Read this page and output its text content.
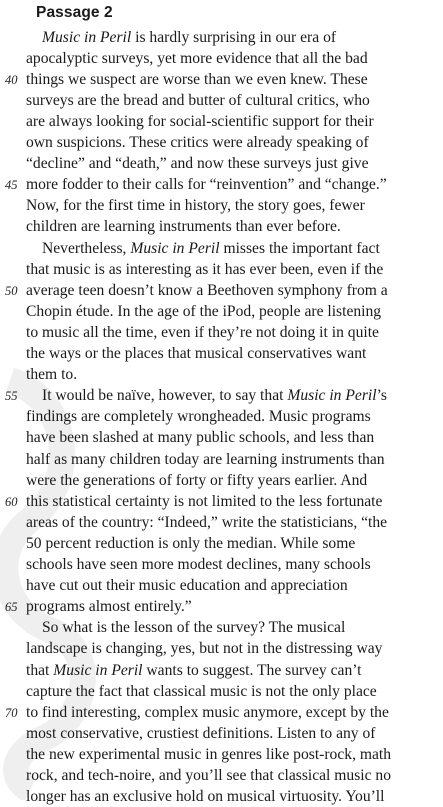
Passage 2
Music in Peril is hardly surprising in our era of
apocalyptic surveys, yet more evidence that all the bad
40 things we suspect are worse than we even knew. These
surveys are the bread and butter of cultural critics, who
are always looking for social-scientific support for their
own suspicions. These critics were already speaking of
“decline” and “death,” and now these surveys just give
45 more fodder to their calls for “reinvention” and “change.”
Now, for the first time in history, the story goes, fewer
children are learning instruments than ever before.
Nevertheless, Music in Peril misses the important fact
that music is as interesting as it has ever been, even if the
50 average teen doesn’t know a Beethoven symphony from a
Chopin étude. In the age of the iPod, people are listening
to music all the time, even if they’re not doing it in quite
the ways or the places that musical conservatives want
them to.
55 It would be naïve, however, to say that Music in Peril’s
findings are completely wrongheaded. Music programs
have been slashed at many public schools, and less than
half as many children today are learning instruments than
were the generations of forty or fifty years earlier. And
60 this statistical certainty is not limited to the less fortunate
areas of the country: “Indeed,” write the statisticians, “the
50 percent reduction is only the median. While some
schools have seen more modest declines, many schools
have cut out their music education and appreciation
65 programs almost entirely.”
So what is the lesson of the survey? The musical
landscape is changing, yes, but not in the distressing way
that Music in Peril wants to suggest. The survey can’t
capture the fact that classical music is not the only place
70 to find interesting, complex music anymore, except by the
most conservative, crustiest definitions. Listen to any of
the new experimental music in genres like post-rock, math
rock, and tech-noire, and you’ll see that classical music no
longer has an exclusive hold on musical virtuosity. You’ll
